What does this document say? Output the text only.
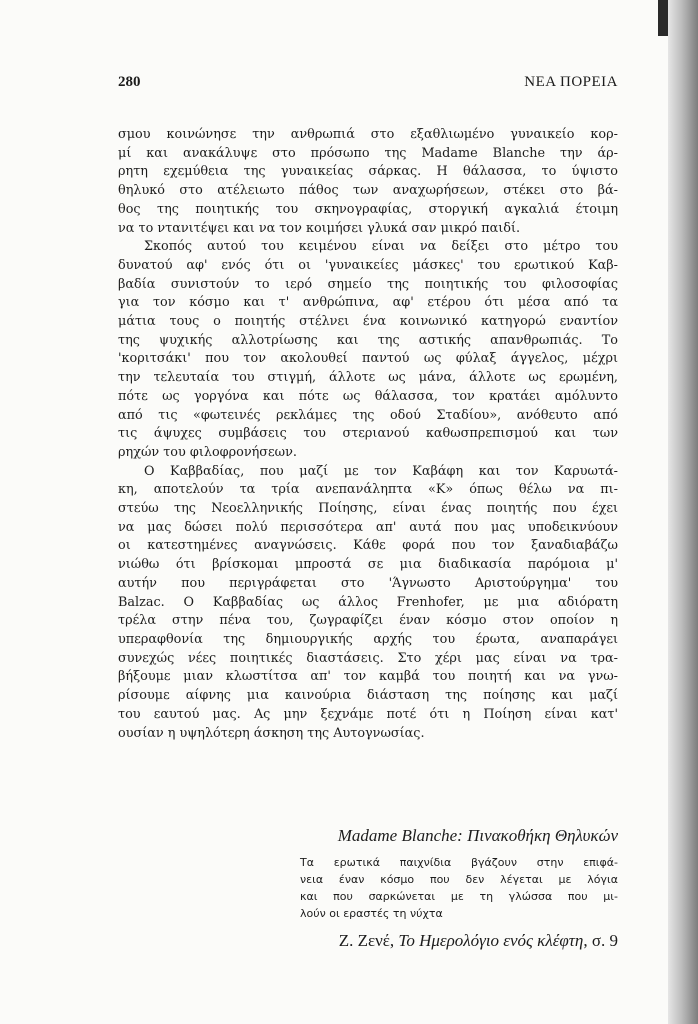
280	ΝΕΑ ΠΟΡΕΙΑ

σμου κοινώνησε την ανθρωπιά στο εξαθλιωμένο γυναικείο κορ-
μί και ανακάλυψε στο πρόσωπο της Madame Blanche την άρ-
ρητη εχεμύθεια της γυναικείας σάρκας. Η θάλασσα, το ύψιστο
θηλυκό στο ατέλειωτο πάθος των αναχωρήσεων, στέκει στο βά-
θος της ποιητικής του σκηνογραφίας, στοργική αγκαλιά έτοιμη
να το ντανιτέψει και να τον κοιμήσει γλυκά σαν μικρό παιδί.

Σκοπός αυτού του κειμένου είναι να δείξει στο μέτρο του
δυνατού αφ' ενός ότι οι 'γυναικείες μάσκες' του ερωτικού Καβ-
βαδία συνιστούν το ιερό σημείο της ποιητικής του φιλοσοφίας
για τον κόσμο και τ' ανθρώπινα, αφ' ετέρου ότι μέσα από τα
μάτια τους ο ποιητής στέλνει ένα κοινωνικό κατηγορώ εναντίον
της ψυχικής αλλοτρίωσης και της αστικής απανθρωπιάς. Το
'κοριτσάκι' που τον ακολουθεί παντού ως φύλαξ άγγελος, μέχρι
την τελευταία του στιγμή, άλλοτε ως μάνα, άλλοτε ως ερωμένη,
πότε ως γοργόνα και πότε ως θάλασσα, τον κρατάει αμόλυντο
από τις «φωτεινές ρεκλάμες της οδού Σταδίου», ανόθευτο από
τις άψυχες συμβάσεις του στεριανού καθωσπρεπισμού και των
ρηχών του φιλοφρονήσεων.

Ο Καββαδίας, που μαζί με τον Καβάφη και τον Καρυωτά-
κη, αποτελούν τα τρία ανεπανάληπτα «Κ» όπως θέλω να πι-
στεύω της Νεοελληνικής Ποίησης, είναι ένας ποιητής που έχει
να μας δώσει πολύ περισσότερα απ' αυτά που μας υποδεικνύουν
οι κατεστημένες αναγνώσεις. Κάθε φορά που τον ξαναδιαβάζω
νιώθω ότι βρίσκομαι μπροστά σε μια διαδικασία παρόμοια μ'
αυτήν που περιγράφεται στο 'Άγνωστο Αριστούργημα' του
Balzac. Ο Καββαδίας ως άλλος Frenhofer, με μια αδιόρατη
τρέλα στην πένα του, ζωγραφίζει έναν κόσμο στον οποίον η
υπεραφθονία της δημιουργικής αρχής του έρωτα, αναπαράγει
συνεχώς νέες ποιητικές διαστάσεις. Στο χέρι μας είναι να τρα-
βήξουμε μιαν κλωστίτσα απ' τον καμβά του ποιητή και να γνω-
ρίσουμε αίφνης μια καινούρια διάσταση της ποίησης και μαζί
του εαυτού μας. Ας μην ξεχνάμε ποτέ ότι η Ποίηση είναι κατ'
ουσίαν η υψηλότερη άσκηση της Αυτογνωσίας.

Madame Blanche: Πινακοθήκη Θηλυκών
Τα ερωτικά παιχνίδια βγάζουν στην επιφά-
νεια έναν κόσμο που δεν λέγεται με λόγια
και που σαρκώνεται με τη γλώσσα που μι-
λούν οι εραστές τη νύχτα
Ζ. Ζενέ, Το Ημερολόγιο ενός κλέφτη, σ. 9
